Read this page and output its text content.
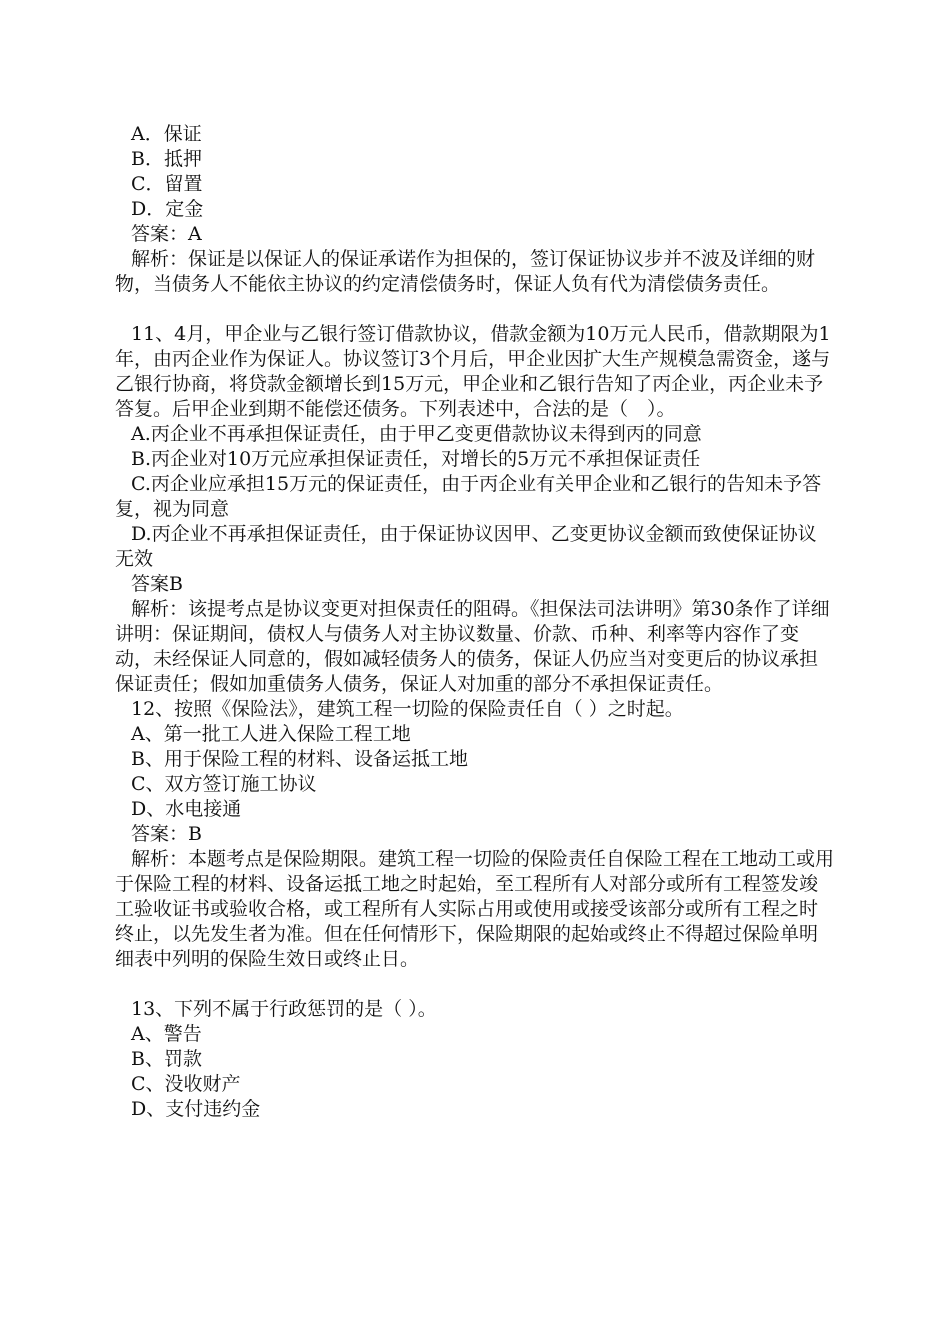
A．保证

B．抵押

C．留置

D．定金

答案：A

解析：保证是以保证人的保证承诺作为担保的，签订保证协议步并不波及详细的财物，当债务人不能依主协议的约定清偿债务时，保证人负有代为清偿债务责任。

11、4月，甲企业与乙银行签订借款协议，借款金额为10万元人民币，借款期限为1年，由丙企业作为保证人。协议签订3个月后，甲企业因扩大生产规模急需资金，遂与乙银行协商，将贷款金额增长到15万元，甲企业和乙银行告知了丙企业，丙企业未予答复。后甲企业到期不能偿还债务。下列表述中，合法的是（　）。

A.丙企业不再承担保证责任，由于甲乙变更借款协议未得到丙的同意

B.丙企业对10万元应承担保证责任，对增长的5万元不承担保证责任

C.丙企业应承担15万元的保证责任，由于丙企业有关甲企业和乙银行的告知未予答复，视为同意

D.丙企业不再承担保证责任，由于保证协议因甲、乙变更协议金额而致使保证协议无效

答案B

解析：该提考点是协议变更对担保责任的阻碍。《担保法司法讲明》第30条作了详细讲明：保证期间，债权人与债务人对主协议数量、价款、币种、利率等内容作了变动，未经保证人同意的，假如减轻债务人的债务，保证人仍应当对变更后的协议承担保证责任；假如加重债务人债务，保证人对加重的部分不承担保证责任。

12、按照《保险法》，建筑工程一切险的保险责任自（ ）之时起。

A、第一批工人进入保险工程工地

B、用于保险工程的材料、设备运抵工地

C、双方签订施工协议

D、水电接通

答案：B

解析：本题考点是保险期限。建筑工程一切险的保险责任自保险工程在工地动工或用于保险工程的材料、设备运抵工地之时起始，至工程所有人对部分或所有工程签发竣工验收证书或验收合格，或工程所有人实际占用或使用或接受该部分或所有工程之时终止，以先发生者为准。但在任何情形下，保险期限的起始或终止不得超过保险单明细表中列明的保险生效日或终止日。

13、下列不属于行政惩罚的是（ ）。

A、警告

B、罚款

C、没收财产

D、支付违约金
